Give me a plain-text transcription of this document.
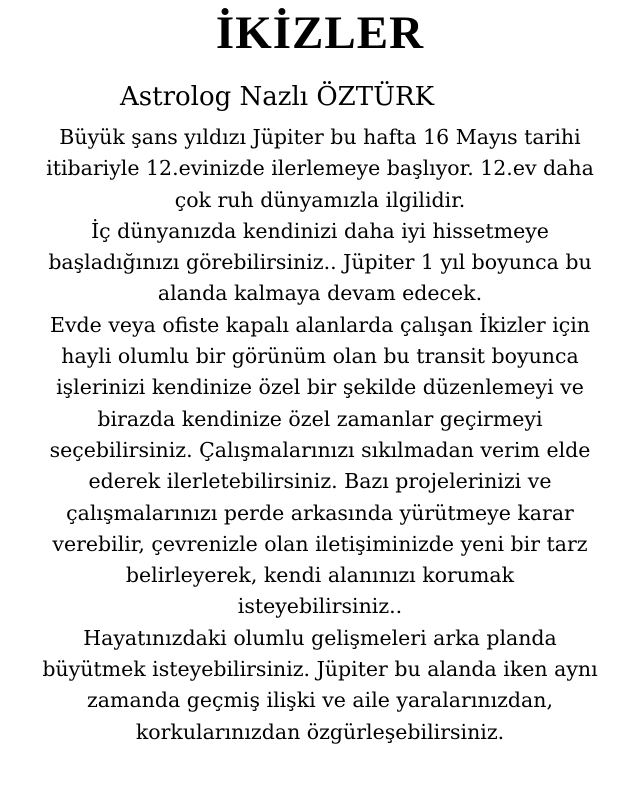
İKİZLER

Astrolog Nazlı ÖZTÜRK

Büyük şans yıldızı Jüpiter bu hafta 16 Mayıs tarihi
itibariyle 12.evinizde ilerlemeye başlıyor. 12.ev daha
çok ruh dünyamızla ilgilidir.
İç dünyanızda kendinizi daha iyi hissetmeye
başladığınızı görebilirsiniz.. Jüpiter 1 yıl boyunca bu
alanda kalmaya devam edecek.
Evde veya ofiste kapalı alanlarda çalışan İkizler için
hayli olumlu bir görünüm olan bu transit boyunca
işlerinizi kendinize özel bir şekilde düzenlemeyi ve
birazda kendinize özel zamanlar geçirmeyi
seçebilirsiniz. Çalışmalarınızı sıkılmadan verim elde
ederek ilerletebilirsiniz. Bazı projelerinizi ve
çalışmalarınızı perde arkasında yürütmeye karar
verebilir, çevrenizle olan iletişiminizde yeni bir tarz
belirleyerek, kendi alanınızı korumak
isteyebilirsiniz..
Hayatınızdaki olumlu gelişmeleri arka planda
büyütmek isteyebilirsiniz. Jüpiter bu alanda iken aynı
zamanda geçmiş ilişki ve aile yaralarınızdan,
korkularınızdan özgürleşebilirsiniz.
